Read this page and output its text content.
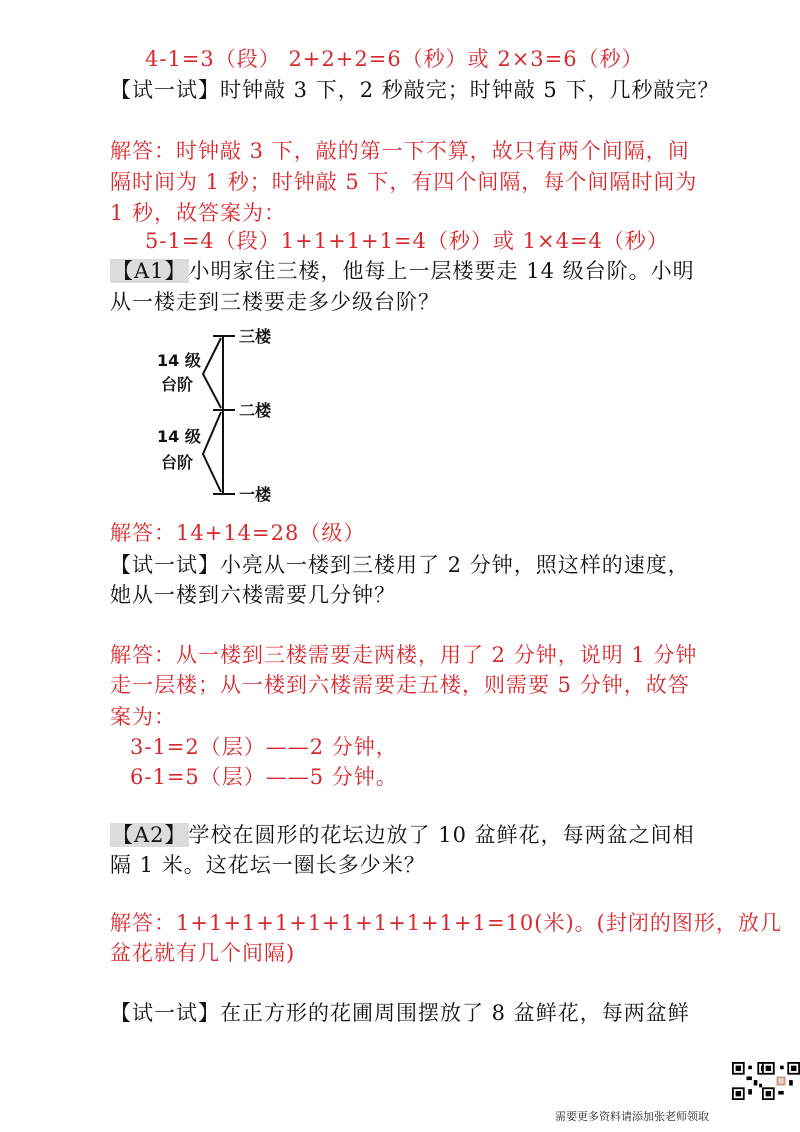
4-1=3（段） 2+2+2=6（秒）或 2×3=6（秒）
【试一试】时钟敲 3 下，2 秒敲完；时钟敲 5 下，几秒敲完？
解答：时钟敲 3 下，敲的第一下不算，故只有两个间隔，间
隔时间为 1 秒；时钟敲 5 下，有四个间隔，每个间隔时间为
1 秒，故答案为：
5-1=4（段）1+1+1+1=4（秒）或 1×4=4（秒）
【A1】小明家住三楼，他每上一层楼要走 14 级台阶。小明
从一楼走到三楼要走多少级台阶？
三楼
二楼
一楼
14 级
台阶
14 级
台阶
解答：14+14=28（级）
【试一试】小亮从一楼到三楼用了 2 分钟，照这样的速度，
她从一楼到六楼需要几分钟？
解答：从一楼到三楼需要走两楼，用了 2 分钟，说明 1 分钟
走一层楼；从一楼到六楼需要走五楼，则需要 5 分钟，故答
案为：
3-1=2（层）——2 分钟，
6-1=5（层）——5 分钟。
【A2】学校在圆形的花坛边放了 10 盆鲜花，每两盆之间相
隔 1 米。这花坛一圈长多少米？
解答：1+1+1+1+1+1+1+1+1+1=10(米)。(封闭的图形，放几
盆花就有几个间隔)
【试一试】在正方形的花圃周围摆放了 8 盆鲜花，每两盆鲜
需要更多资料请添加张老师领取
